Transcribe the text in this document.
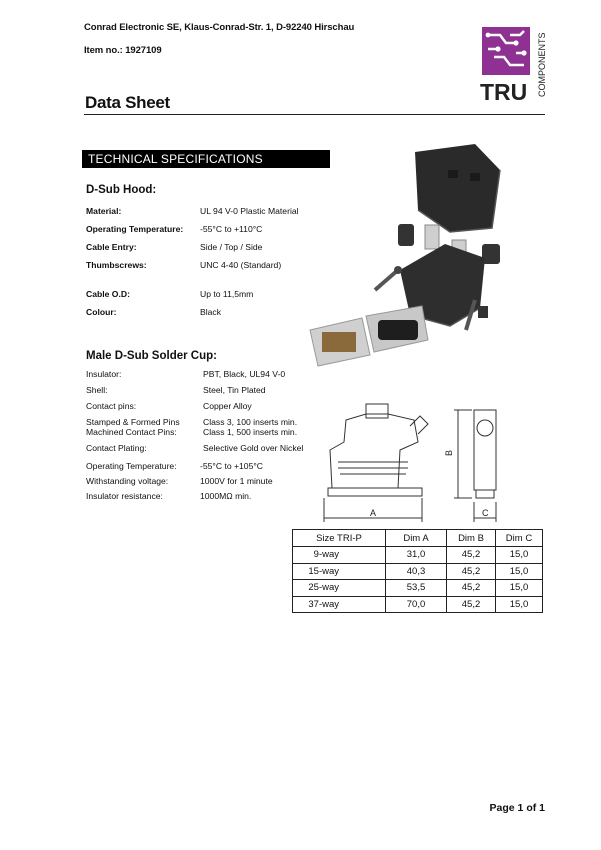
Conrad Electronic SE, Klaus-Conrad-Str. 1, D-92240 Hirschau
Item no.: 1927109
TRU COMPONENTS
Data Sheet
TECHNICAL SPECIFICATIONS
D-Sub Hood:
Material:	UL 94 V-0 Plastic Material
Operating Temperature: -55°C to +110°C
Cable Entry:	Side / Top / Side
Thumbscrews:	UNC 4-40 (Standard)
Cable O.D:	Up to 11,5mm
Colour:	Black
Male D-Sub Solder Cup:
Insulator:	PBT, Black, UL94 V-0
Shell:	Steel, Tin Plated
Contact pins:	Copper Alloy
Stamped & Formed Pins	Class 3, 100 inserts min.
Machined Contact Pins:	Class 1, 500 inserts min.
Contact Plating:	Selective Gold over Nickel
Operating Temperature:	-55°C to +105°C
Withstanding voltage:	1000V for 1 minute
Insulator resistance:	1000MΩ min.
A
B
C
Size TRI-P	Dim A	Dim B	Dim C
9-way	31,0	45,2	15,0
15-way	40,3	45,2	15,0
25-way	53,5	45,2	15,0
37-way	70,0	45,2	15,0
Page 1 of 1
